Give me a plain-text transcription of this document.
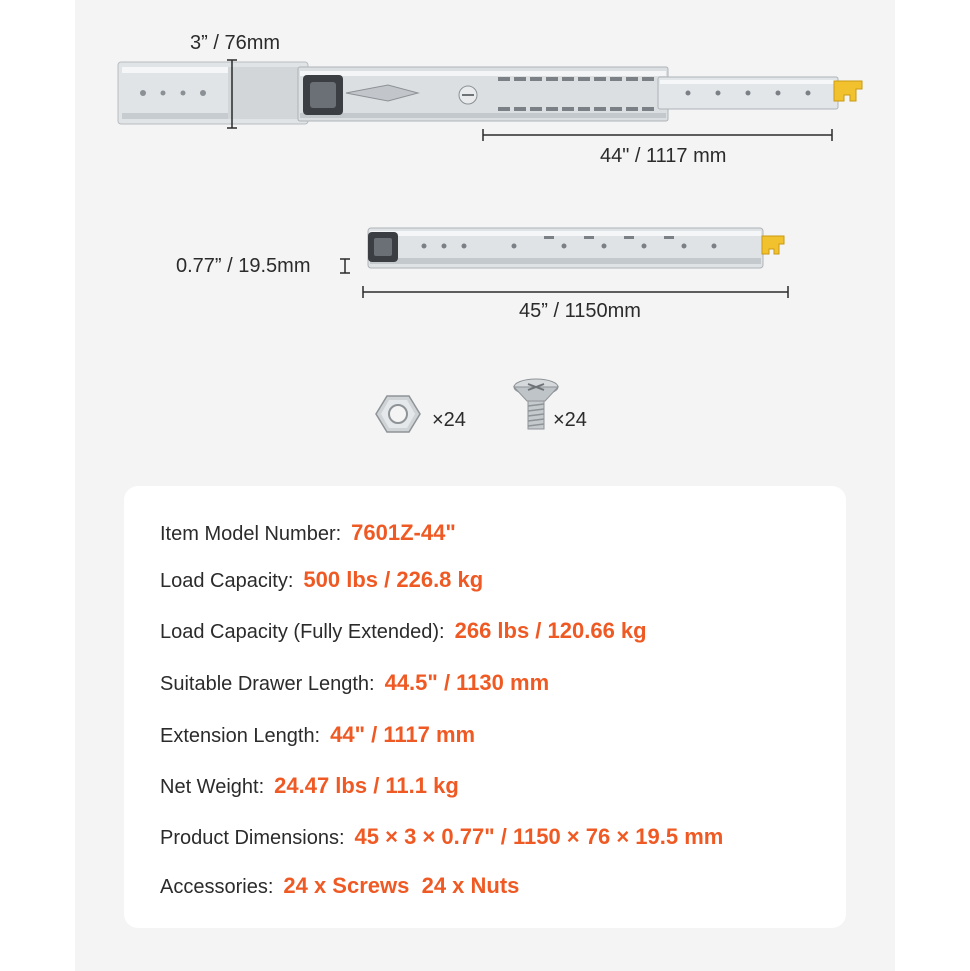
3” / 76mm
44" / 1117 mm
0.77” / 19.5mm
45” / 1150mm
×24	×24
Item Model Number: 7601Z-44"
Load Capacity: 500 lbs / 226.8 kg
Load Capacity (Fully Extended): 266 lbs / 120.66 kg
Suitable Drawer Length: 44.5" / 1130 mm
Extension Length: 44" / 1117 mm
Net Weight: 24.47 lbs / 11.1 kg
Product Dimensions: 45 × 3 × 0.77" / 1150 × 76 × 19.5 mm
Accessories: 24 x Screws  24 x Nuts
